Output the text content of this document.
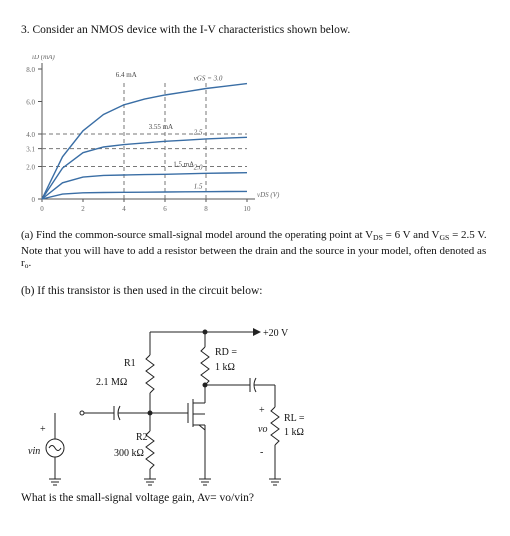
3. Consider an NMOS device with the I-V characteristics shown below.
8.0
6.0
4.0
3.1
2.0
0
0	2	4	6	8	10
vGS = 3.0
2.5
2.0
1.5
6.4 mA
3.55 mA
1.5 mA
iD (mA)
vDS (V)
(a) Find the common-source small-signal model around the operating point at $V_{DS} = 6$ V and $V_{GS} = 2.5$ V. Note that you will have to add a resistor between the drain and the source in your model, often denoted as $r_o$.
(b) If this transistor is then used in the circuit below:
+20 V
R1
2.1 MΩ
R2
300 kΩ
RD =
1 kΩ
RL =
1 kΩ
vin
vo
+
+
-
What is the small-signal voltage gain, Av= vo/vin?
